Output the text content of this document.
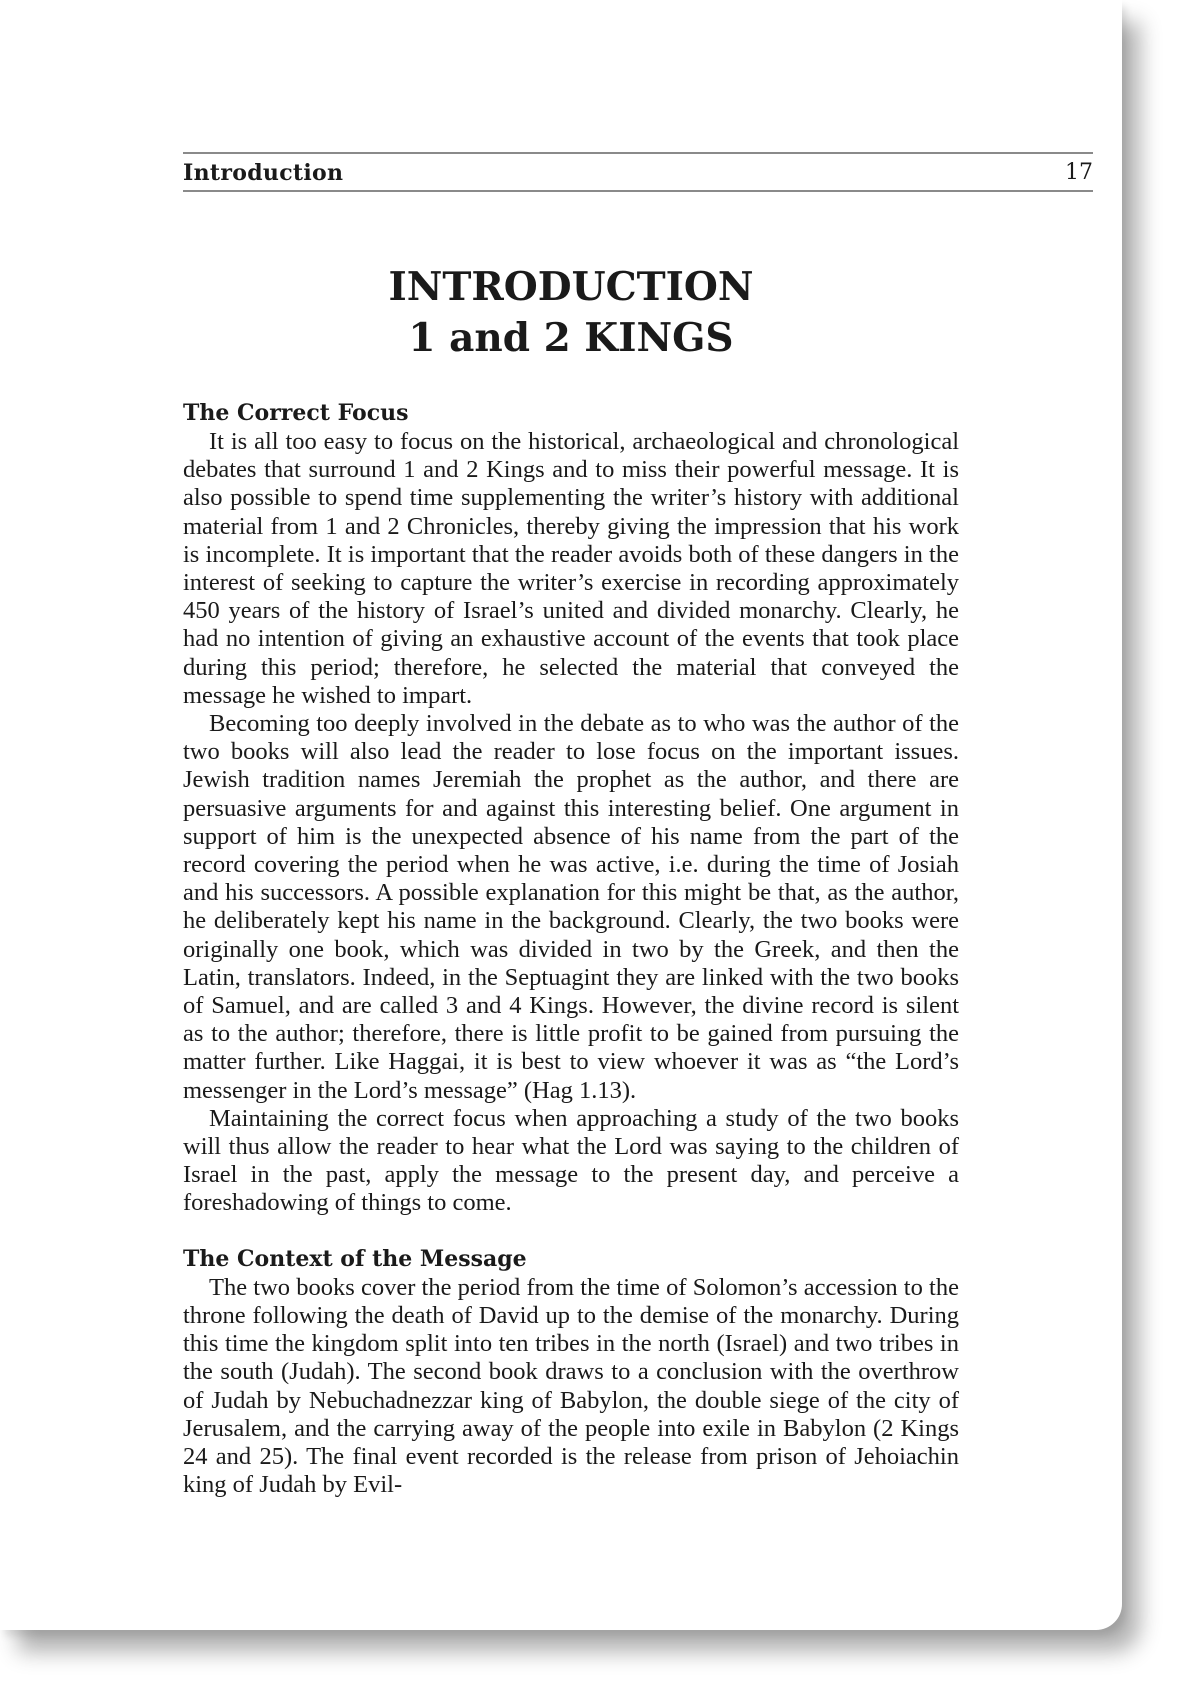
Introduction	17
INTRODUCTION
1 and 2 KINGS
The Correct Focus

It is all too easy to focus on the historical, archaeological and chronological debates that surround 1 and 2 Kings and to miss their powerful message. It is also possible to spend time supplementing the writer’s history with additional material from 1 and 2 Chronicles, thereby giving the impression that his work is incomplete. It is important that the reader avoids both of these dangers in the interest of seeking to capture the writer’s exercise in recording approximately 450 years of the history of Israel’s united and divided monarchy. Clearly, he had no intention of giving an exhaustive account of the events that took place during this period; therefore, he selected the material that conveyed the message he wished to impart.

Becoming too deeply involved in the debate as to who was the author of the two books will also lead the reader to lose focus on the important issues. Jewish tradition names Jeremiah the prophet as the author, and there are persuasive arguments for and against this interesting belief. One argument in support of him is the unexpected absence of his name from the part of the record covering the period when he was active, i.e. during the time of Josiah and his successors. A possible explanation for this might be that, as the author, he deliberately kept his name in the background. Clearly, the two books were originally one book, which was divided in two by the Greek, and then the Latin, translators. Indeed, in the Septuagint they are linked with the two books of Samuel, and are called 3 and 4 Kings. However, the divine record is silent as to the author; therefore, there is little profit to be gained from pursuing the matter further. Like Haggai, it is best to view whoever it was as “the Lord’s messenger in the Lord’s message” (Hag 1.13).

Maintaining the correct focus when approaching a study of the two books will thus allow the reader to hear what the Lord was saying to the children of Israel in the past, apply the message to the present day, and perceive a foreshadowing of things to come.

The Context of the Message

The two books cover the period from the time of Solomon’s accession to the throne following the death of David up to the demise of the monarchy. During this time the kingdom split into ten tribes in the north (Israel) and two tribes in the south (Judah). The second book draws to a conclusion with the overthrow of Judah by Nebuchadnezzar king of Babylon, the double siege of the city of Jerusalem, and the carrying away of the people into exile in Babylon (2 Kings 24 and 25). The final event recorded is the release from prison of Jehoiachin king of Judah by Evil-
